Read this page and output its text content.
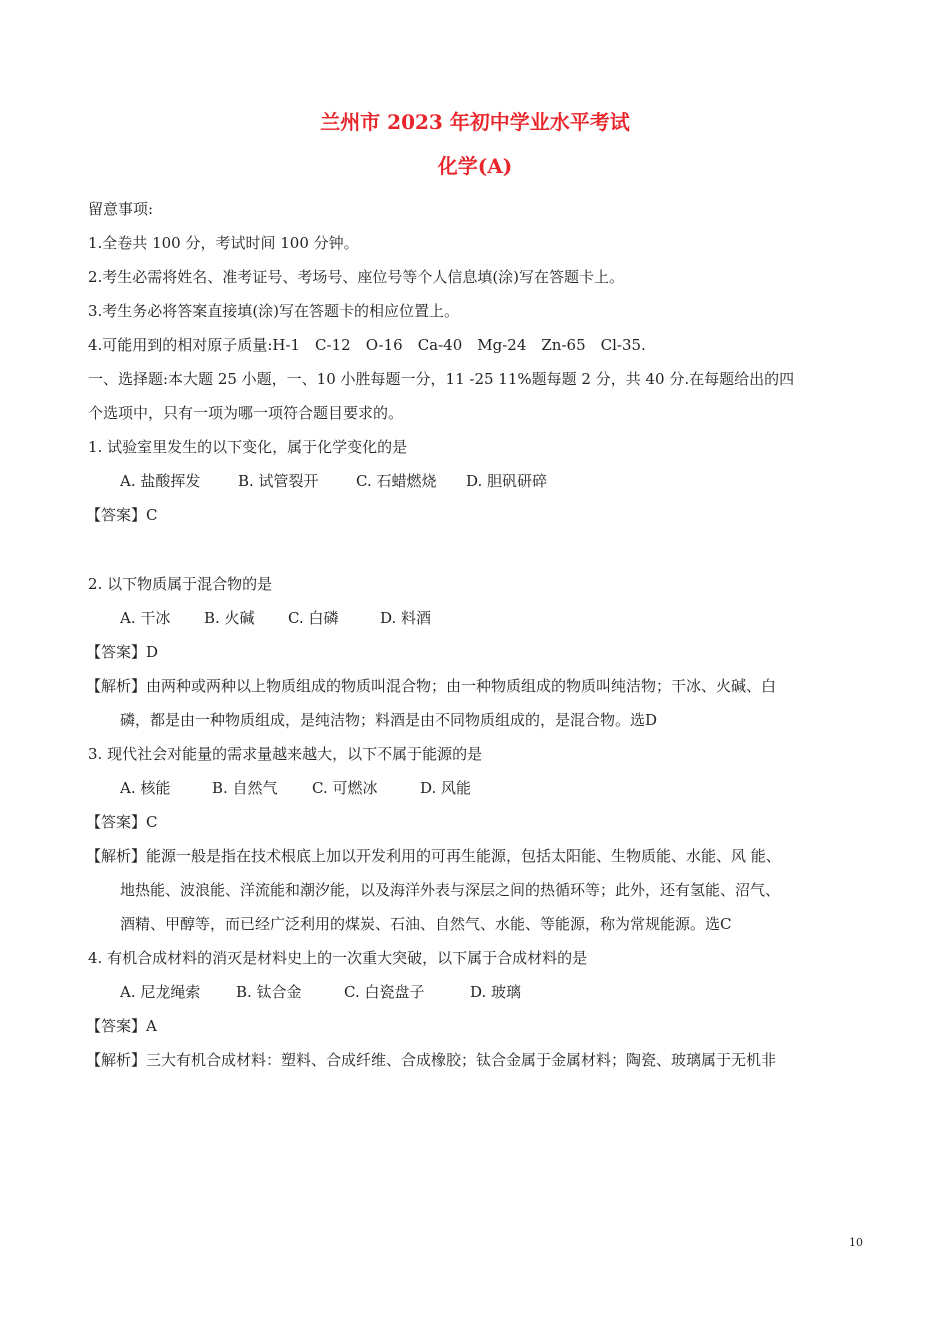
兰州市 2023 年初中学业水平考试
化学(A)
留意事项:
1.全卷共 100 分，考试时间 100 分钟。
2.考生必需将姓名、准考证号、考场号、座位号等个人信息填(涂)写在答题卡上。
3.考生务必将答案直接填(涂)写在答题卡的相应位置上。
4.可能用到的相对原子质量:H-1　C-12　O-16　Ca-40　Mg-24　Zn-65　Cl-35.
一、选择题:本大题 25 小题，一、10 小胜每题一分，11 -25 11%题每题 2 分，共 40 分.在每题给出的四
个选项中，只有一项为哪一项符合题目要求的。
1. 试验室里发生的以下变化，属于化学变化的是
A. 盐酸挥发	B. 试管裂开 C. 石蜡燃烧 D. 胆矾研碎
【答案】C
2. 以下物质属于混合物的是
A. 干冰 B. 火碱 C. 白磷	D. 料酒
【答案】D
【解析】由两种或两种以上物质组成的物质叫混合物；由一种物质组成的物质叫纯洁物；干冰、火碱、白
磷，都是由一种物质组成，是纯洁物；料酒是由不同物质组成的，是混合物。选D
3. 现代社会对能量的需求量越来越大，以下不属于能源的是
A. 核能	B. 自然气 C. 可燃冰	D. 风能
【答案】C
【解析】能源一般是指在技术根底上加以开发利用的可再生能源，包括太阳能、生物质能、水能、风 能、
地热能、波浪能、洋流能和潮汐能，以及海洋外表与深层之间的热循环等；此外，还有氢能、沼气、
酒精、甲醇等，而已经广泛利用的煤炭、石油、自然气、水能、等能源，称为常规能源。选C
4. 有机合成材料的消灭是材料史上的一次重大突破，以下属于合成材料的是
A. 尼龙绳索 B. 钛合金	C. 白瓷盘子	D. 玻璃
【答案】A
【解析】三大有机合成材料：塑料、合成纤维、合成橡胶；钛合金属于金属材料；陶瓷、玻璃属于无机非
10
